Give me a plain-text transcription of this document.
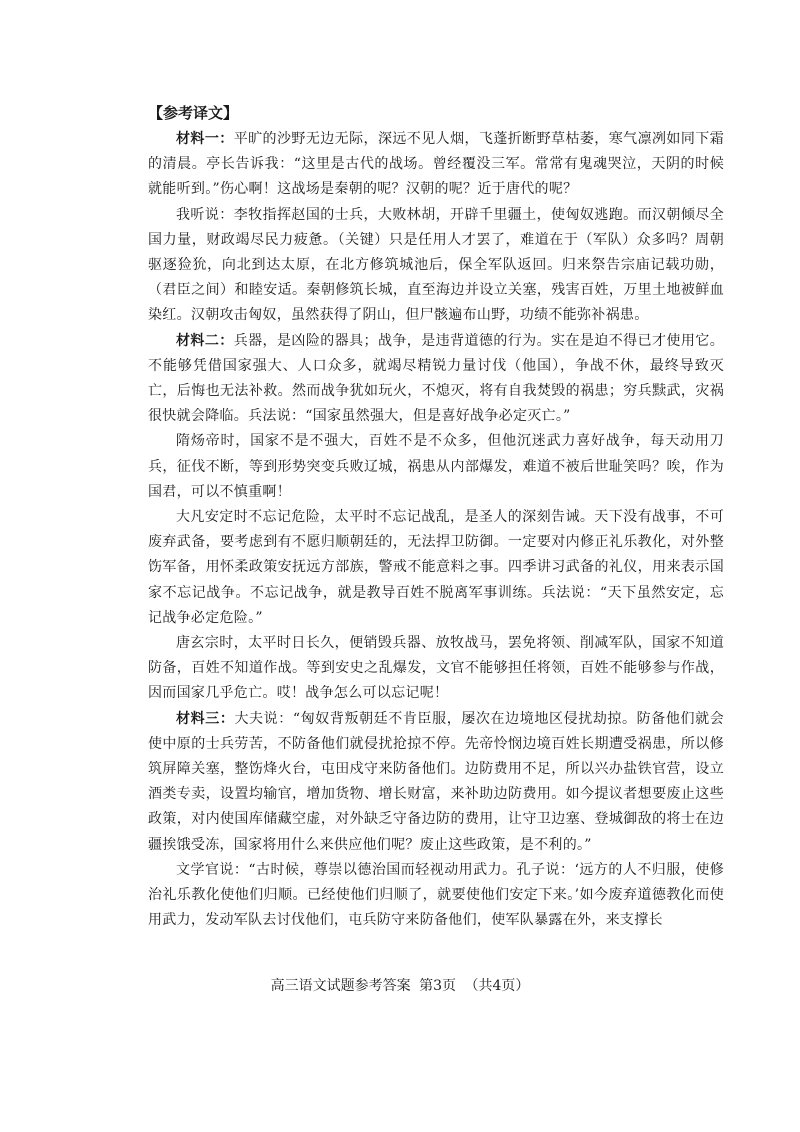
【参考译文】

材料一：平旷的沙野无边无际，深远不见人烟，飞蓬折断野草枯萎，寒气凛冽如同下霜的清晨。亭长告诉我：“这里是古代的战场。曾经覆没三军。常常有鬼魂哭泣，天阴的时候就能听到。”伤心啊！这战场是秦朝的呢？汉朝的呢？近于唐代的呢？

我听说：李牧指挥赵国的士兵，大败林胡，开辟千里疆土，使匈奴逃跑。而汉朝倾尽全国力量，财政竭尽民力疲惫。（关键）只是任用人才罢了，难道在于（军队）众多吗？周朝驱逐猃狁，向北到达太原，在北方修筑城池后，保全军队返回。归来祭告宗庙记载功勋，（君臣之间）和睦安适。秦朝修筑长城，直至海边并设立关塞，残害百姓，万里土地被鲜血染红。汉朝攻击匈奴，虽然获得了阴山，但尸骸遍布山野，功绩不能弥补祸患。

材料二：兵器，是凶险的器具；战争，是违背道德的行为。实在是迫不得已才使用它。不能够凭借国家强大、人口众多，就竭尽精锐力量讨伐（他国），争战不休，最终导致灭亡，后悔也无法补救。然而战争犹如玩火，不熄灭，将有自我焚毁的祸患；穷兵黩武，灾祸很快就会降临。兵法说：“国家虽然强大，但是喜好战争必定灭亡。”

隋炀帝时，国家不是不强大，百姓不是不众多，但他沉迷武力喜好战争，每天动用刀兵，征伐不断，等到形势突变兵败辽城，祸患从内部爆发，难道不被后世耻笑吗？唉，作为国君，可以不慎重啊！

大凡安定时不忘记危险，太平时不忘记战乱，是圣人的深刻告诫。天下没有战事，不可废弃武备，要考虑到有不愿归顺朝廷的，无法捍卫防御。一定要对内修正礼乐教化，对外整饬军备，用怀柔政策安抚远方部族，警戒不能意料之事。四季讲习武备的礼仪，用来表示国家不忘记战争。不忘记战争，就是教导百姓不脱离军事训练。兵法说：“天下虽然安定，忘记战争必定危险。”

唐玄宗时，太平时日长久，便销毁兵器、放牧战马，罢免将领、削减军队，国家不知道防备，百姓不知道作战。等到安史之乱爆发，文官不能够担任将领，百姓不能够参与作战，因而国家几乎危亡。哎！战争怎么可以忘记呢！

材料三：大夫说：“匈奴背叛朝廷不肯臣服，屡次在边境地区侵扰劫掠。防备他们就会使中原的士兵劳苦，不防备他们就侵扰抢掠不停。先帝怜悯边境百姓长期遭受祸患，所以修筑屏障关塞，整饬烽火台，屯田戍守来防备他们。边防费用不足，所以兴办盐铁官营，设立酒类专卖，设置均输官，增加货物、增长财富，来补助边防费用。如今提议者想要废止这些政策，对内使国库储藏空虚，对外缺乏守备边防的费用，让守卫边塞、登城御敌的将士在边疆挨饿受冻，国家将用什么来供应他们呢？废止这些政策，是不利的。”

文学官说：“古时候，尊崇以德治国而轻视动用武力。孔子说：‘远方的人不归服，使修治礼乐教化使他们归顺。已经使他们归顺了，就要使他们安定下来。’如今废弃道德教化而使用武力，发动军队去讨伐他们，屯兵防守来防备他们，使军队暴露在外，来支撑长

高三语文试题参考答案 第3页 （共4页）
